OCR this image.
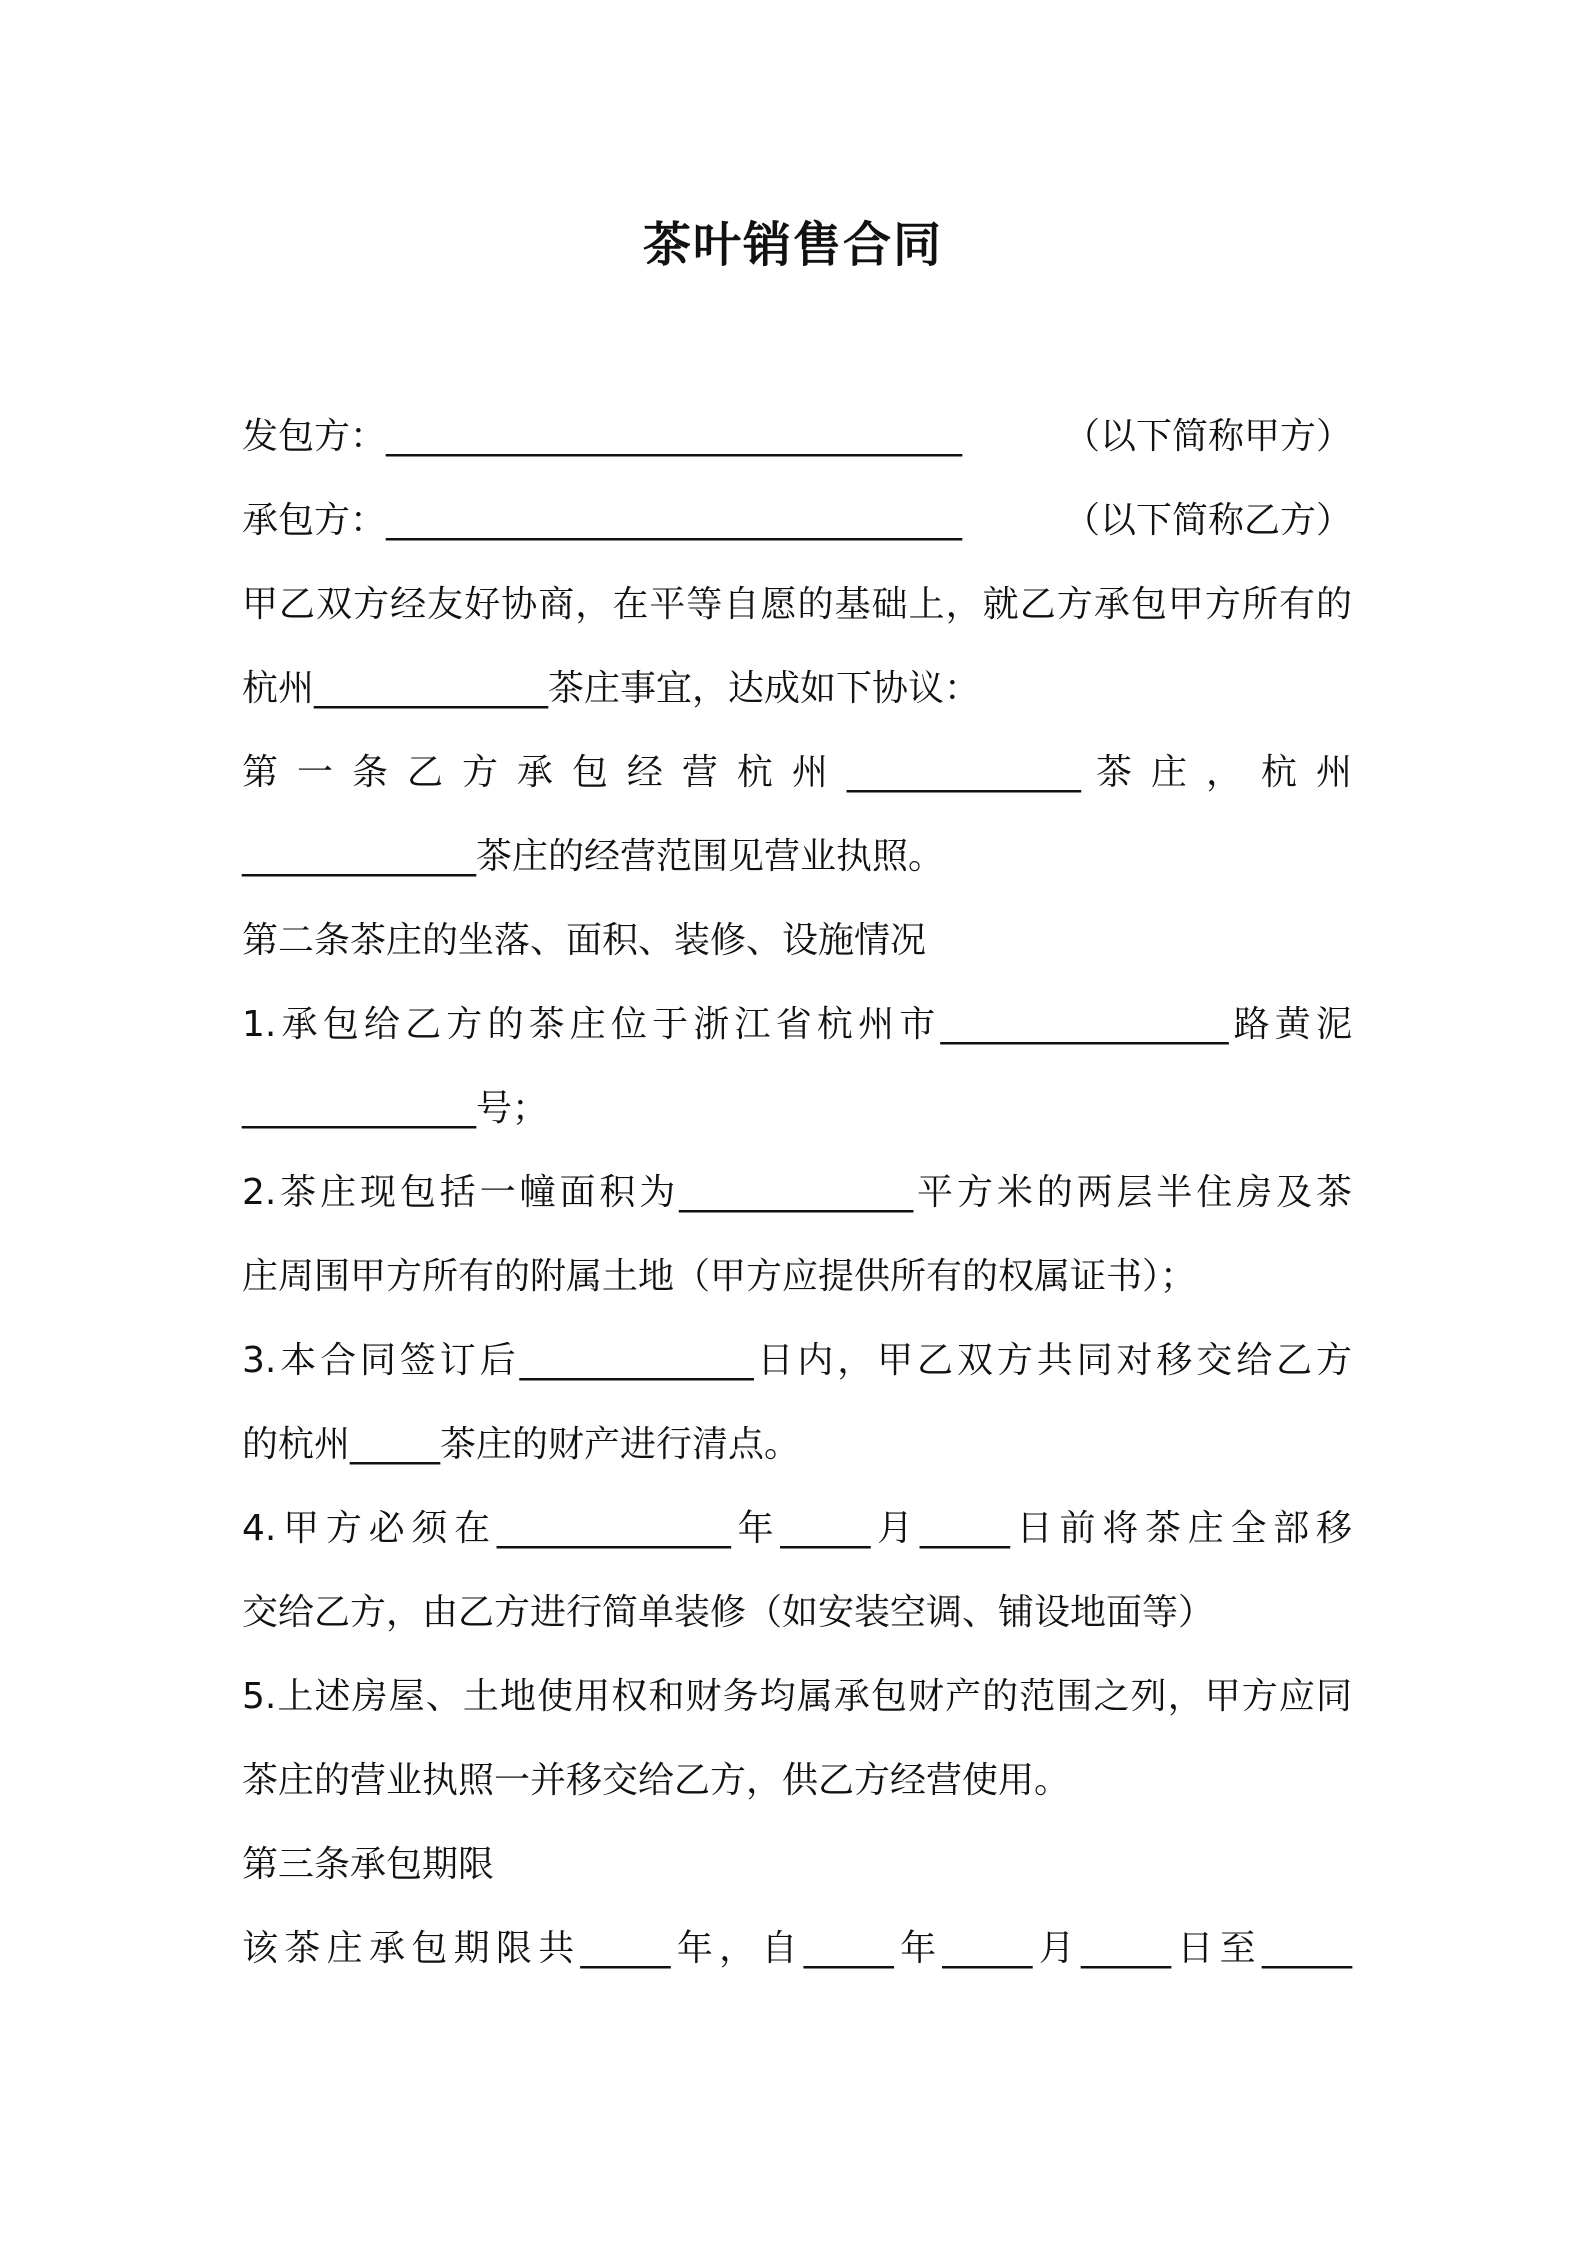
茶叶销售合同
发包方：________________________________	（以下简称甲方）
承包方：________________________________	（以下简称乙方）
甲乙双方经友好协商，在平等自愿的基础上，就乙方承包甲方所有的
杭州_____________茶庄事宜，达成如下协议：
第 一 条 乙 方 承 包 经 营 杭 州 _____________ 茶 庄 ， 杭 州
_____________茶庄的经营范围见营业执照。
第二条茶庄的坐落、面积、装修、设施情况
1.承包给乙方的茶庄位于浙江省杭州市________________路黄泥
_____________号；
2.茶庄现包括一幢面积为_____________平方米的两层半住房及茶
庄周围甲方所有的附属土地（甲方应提供所有的权属证书）；
3.本合同签订后_____________日内，甲乙双方共同对移交给乙方
的杭州_____茶庄的财产进行清点。
4.甲方必须在_____________年_____月_____日前将茶庄全部移
交给乙方，由乙方进行简单装修（如安装空调、铺设地面等）
5.上述房屋、土地使用权和财务均属承包财产的范围之列，甲方应同
茶庄的营业执照一并移交给乙方，供乙方经营使用。
第三条承包期限
该茶庄承包期限共_____年，自_____年_____月_____日至_____
